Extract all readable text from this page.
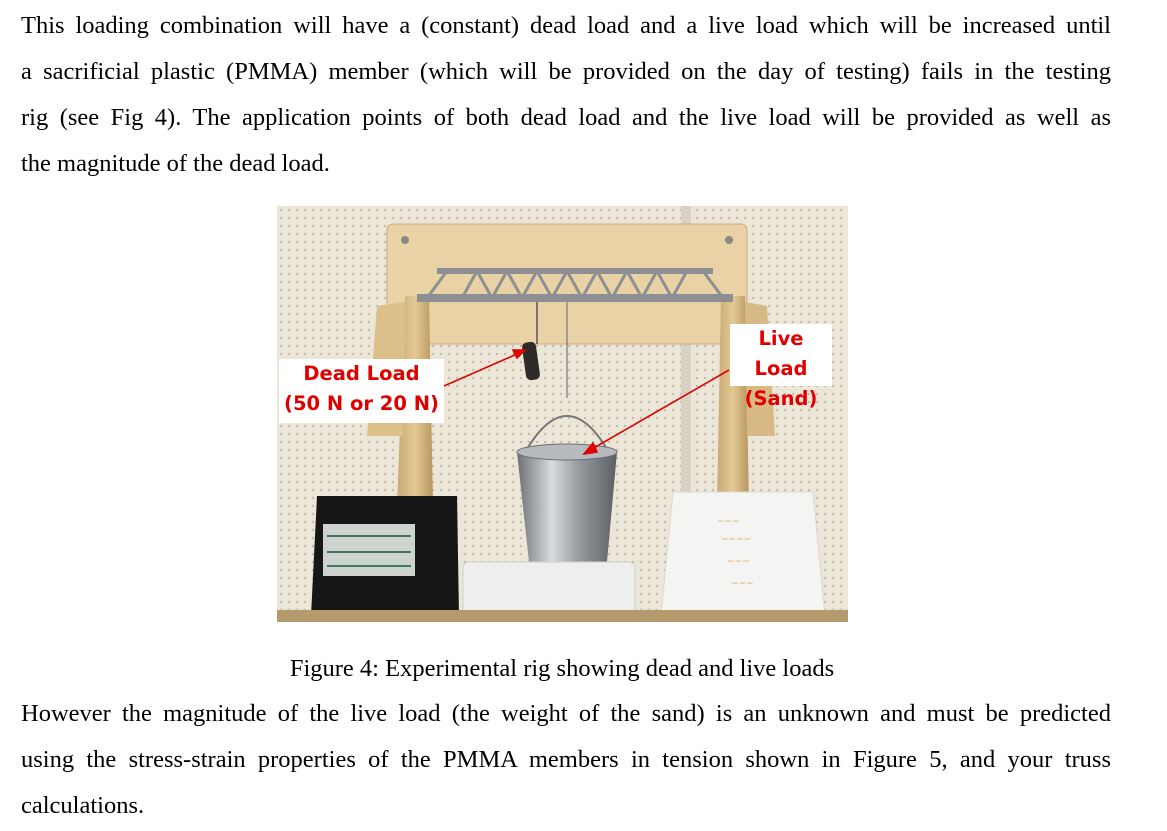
This loading combination will have a (constant) dead load and a live load which will be increased until
a sacrificial plastic (PMMA) member (which will be provided on the day of testing) fails in the testing
rig (see Fig 4). The application points of both dead load and the live load will be provided as well as
the magnitude of the dead load.
~~~
~~~~
~~~
~~~
Dead Load
(50 N or 20 N)
Live Load
(Sand)
Figure 4: Experimental rig showing dead and live loads
However the magnitude of the live load (the weight of the sand) is an unknown and must be predicted
using the stress-strain properties of the PMMA members in tension shown in Figure 5, and your truss
calculations.
